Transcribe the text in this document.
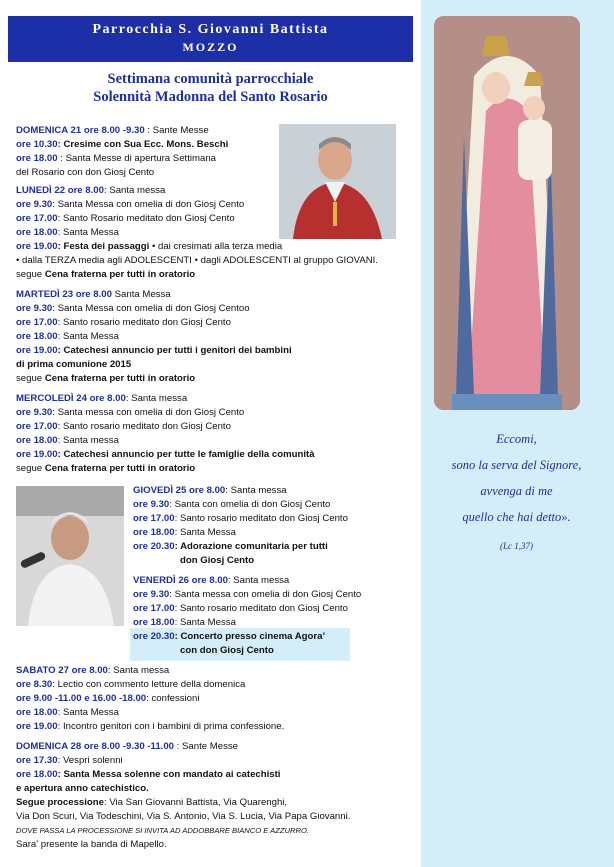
Parrocchia S. Giovanni Battista
MOZZO
Eccomi,
sono la serva del Signore,
avvenga di me
quello che hai detto».
(Lc 1,37)
Settimana comunità parrocchiale
Solennità Madonna del Santo Rosario
DOMENICA 21 ore 8.00 -9.30 : Sante Messe
ore 10.30: Cresime con Sua Ecc. Mons. Beschi
ore 18.00 : Santa Messe di apertura Settimana
del Rosario con don Giosj Cento
LUNEDÌ 22 ore 8.00: Santa messa
ore 9.30: Santa Messa con omelia di don Giosj Cento
ore 17.00: Santo Rosario meditato don Giosj Cento
ore 18.00: Santa Messa
ore 19.00: Festa dei passaggi • dai cresimati alla terza media
• dalla TERZA media agli ADOLESCENTI • dagli ADOLESCENTI al gruppo GIOVANI.
segue Cena fraterna per tutti in oratorio
MARTEDÌ 23 ore 8.00 Santa Messa
ore 9.30: Santa Messa con omelia di don Giosj Centoo
ore 17.00: Santo rosario meditato don Giosj Cento
ore 18.00: Santa Messa
ore 19.00: Catechesi annuncio per tutti i genitori dei bambini
di prima comunione 2015
segue Cena fraterna per tutti in oratorio
MERCOLEDÌ 24 ore 8.00: Santa messa
ore 9.30: Santa messa con omelia di don Giosj Cento
ore 17.00: Santo rosario meditato don Giosj Cento
ore 18.00: Santa messa
ore 19.00: Catechesi annuncio per tutte le famiglie della comunità
segue Cena fraterna per tutti in oratorio
GIOVEDÌ 25 ore 8.00: Santa messa
ore 9.30: Santa con omelia di don Giosj Cento
ore 17.00: Santo rosario meditato don Giosj Cento
ore 18.00: Santa Messa
ore 20.30: Adorazione comunitaria per tutti
don Giosj Cento
VENERDÌ 26 ore 8.00: Santa messa
ore 9.30: Santa messa con omelia di don Giosj Cento
ore 17.00: Santo rosario meditato don Giosj Cento
ore 18.00: Santa Messa
ore 20.30: Concerto presso cinema Agora’
con don Giosj Cento
SABATO 27 ore 8.00: Santa messa
ore 8.30: Lectio con commento letture della domenica
ore 9.00 -11.00 e 16.00 -18.00: confessioni
ore 18.00: Santa Messa
ore 19.00: Incontro genitori con i bambini di prima confessione.
DOMENICA 28 ore 8.00 -9.30 -11.00 : Sante Messe
ore 17.30: Vespri solenni
ore 18.00: Santa Messa solenne con mandato ai catechisti
e apertura anno catechistico.
Segue processione: Via San Giovanni Battista, Via Quarenghi,
Via Don Scuri, Via Todeschini, Via S. Antonio, Via S. Lucia, Via Papa Giovanni.
DOVE PASSA LA PROCESSIONE SI INVITA AD ADDOBBARE BIANCO E AZZURRO.
Sara' presente la banda di Mapello.
